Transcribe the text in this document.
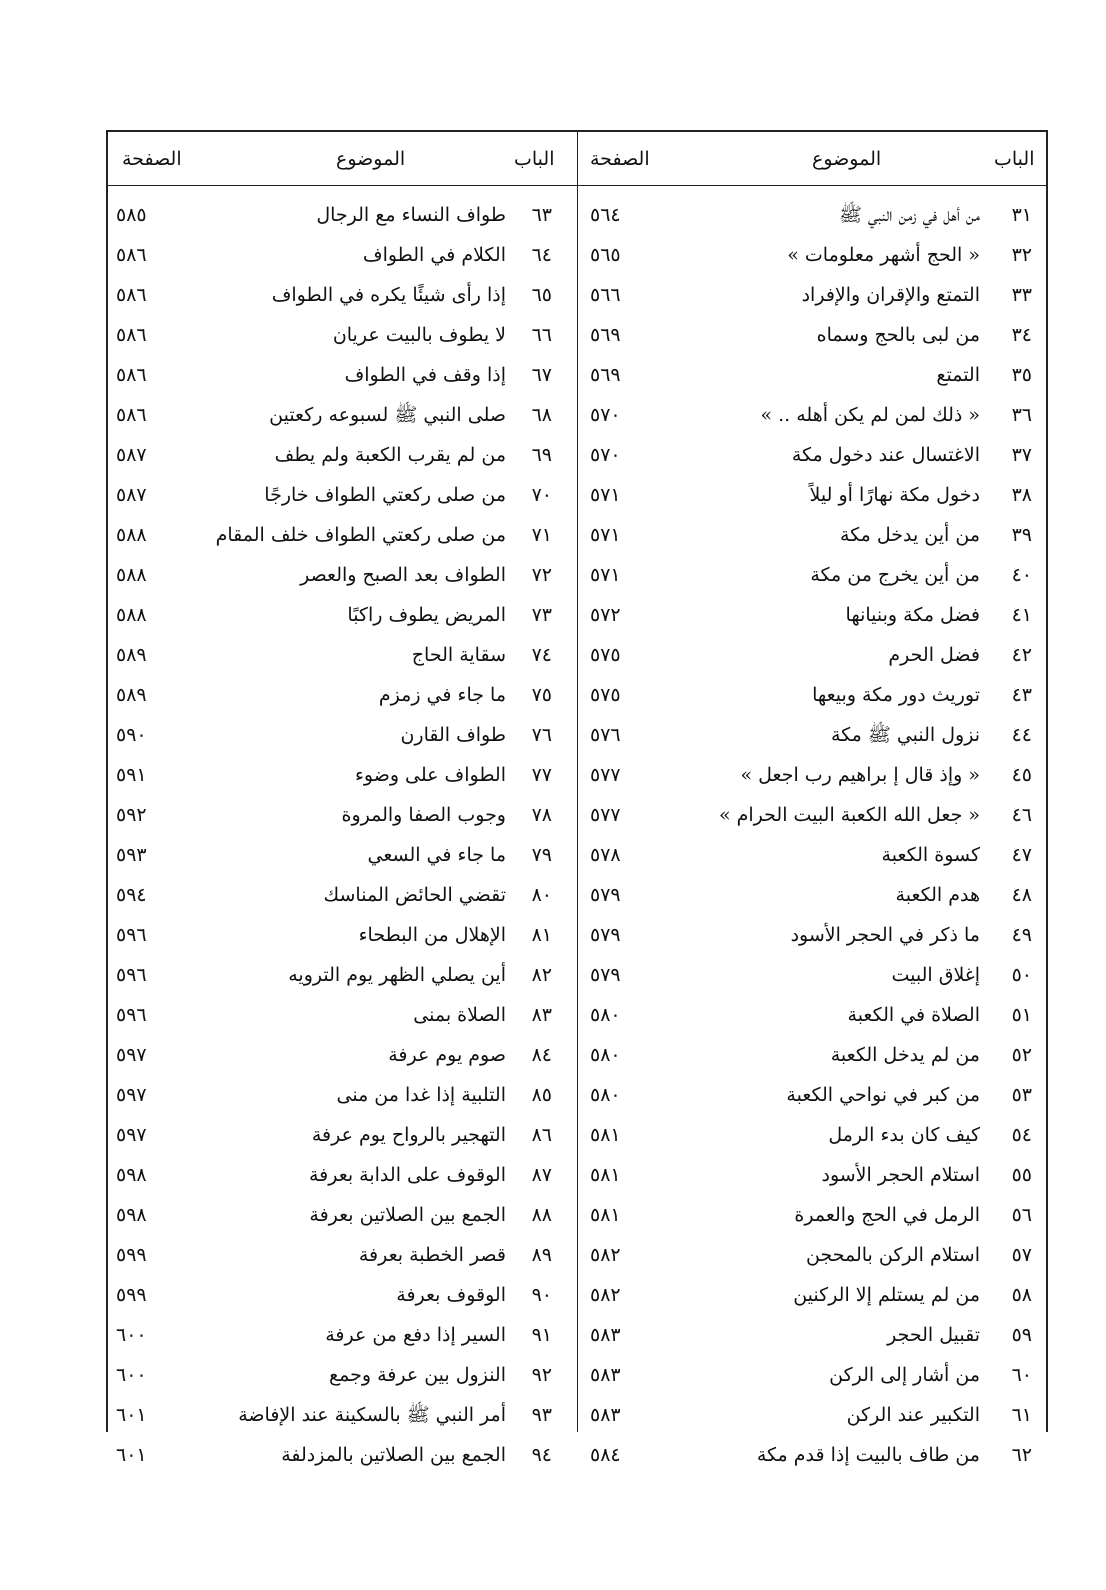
الباب
الموضوع
الصفحة
الباب
الموضوع
الصفحة
٣١
من أهل في زمن النبي ﷺ
٥٦٤
٣٢
« الحج أشهر معلومات »
٥٦٥
٣٣
التمتع والإقران والإفراد
٥٦٦
٣٤
من لبى بالحج وسماه
٥٦٩
٣٥
التمتع
٥٦٩
٣٦
« ذلك لمن لم يكن أهله .. »
٥٧٠
٣٧
الاغتسال عند دخول مكة
٥٧٠
٣٨
دخول مكة نهارًا أو ليلاً
٥٧١
٣٩
من أين يدخل مكة
٥٧١
٤٠
من أين يخرج من مكة
٥٧١
٤١
فضل مكة وبنيانها
٥٧٢
٤٢
فضل الحرم
٥٧٥
٤٣
توريث دور مكة وبيعها
٥٧٥
٤٤
نزول النبي ﷺ مكة
٥٧٦
٤٥
« وإذ قال إ براهيم رب اجعل »
٥٧٧
٤٦
« جعل الله الكعبة البيت الحرام »
٥٧٧
٤٧
كسوة الكعبة
٥٧٨
٤٨
هدم الكعبة
٥٧٩
٤٩
ما ذكر في الحجر الأسود
٥٧٩
٥٠
إغلاق البيت
٥٧٩
٥١
الصلاة في الكعبة
٥٨٠
٥٢
من لم يدخل الكعبة
٥٨٠
٥٣
من كبر في نواحي الكعبة
٥٨٠
٥٤
كيف كان بدء الرمل
٥٨١
٥٥
استلام الحجر الأسود
٥٨١
٥٦
الرمل في الحج والعمرة
٥٨١
٥٧
استلام الركن بالمحجن
٥٨٢
٥٨
من لم يستلم إلا الركنين
٥٨٢
٥٩
تقبيل الحجر
٥٨٣
٦٠
من أشار إلى الركن
٥٨٣
٦١
التكبير عند الركن
٥٨٣
٦٢
من طاف بالبيت إذا قدم مكة
٥٨٤
٦٣
طواف النساء مع الرجال
٥٨٥
٦٤
الكلام في الطواف
٥٨٦
٦٥
إذا رأى شيئًا يكره في الطواف
٥٨٦
٦٦
لا يطوف بالبيت عريان
٥٨٦
٦٧
إذا وقف في الطواف
٥٨٦
٦٨
صلى النبي ﷺ لسبوعه ركعتين
٥٨٦
٦٩
من لم يقرب الكعبة ولم يطف
٥٨٧
٧٠
من صلى ركعتي الطواف خارجًا
٥٨٧
٧١
من صلى ركعتي الطواف خلف المقام
٥٨٨
٧٢
الطواف بعد الصبح والعصر
٥٨٨
٧٣
المريض يطوف راكبًا
٥٨٨
٧٤
سقاية الحاج
٥٨٩
٧٥
ما جاء في زمزم
٥٨٩
٧٦
طواف القارن
٥٩٠
٧٧
الطواف على وضوء
٥٩١
٧٨
وجوب الصفا والمروة
٥٩٢
٧٩
ما جاء في السعي
٥٩٣
٨٠
تقضي الحائض المناسك
٥٩٤
٨١
الإهلال من البطحاء
٥٩٦
٨٢
أين يصلي الظهر يوم الترويه
٥٩٦
٨٣
الصلاة بمنى
٥٩٦
٨٤
صوم يوم عرفة
٥٩٧
٨٥
التلبية إذا غدا من منى
٥٩٧
٨٦
التهجير بالرواح يوم عرفة
٥٩٧
٨٧
الوقوف على الدابة بعرفة
٥٩٨
٨٨
الجمع بين الصلاتين بعرفة
٥٩٨
٨٩
قصر الخطبة بعرفة
٥٩٩
٩٠
الوقوف بعرفة
٥٩٩
٩١
السير إذا دفع من عرفة
٦٠٠
٩٢
النزول بين عرفة وجمع
٦٠٠
٩٣
أمر النبي ﷺ بالسكينة عند الإفاضة
٦٠١
٩٤
الجمع بين الصلاتين بالمزدلفة
٦٠١
